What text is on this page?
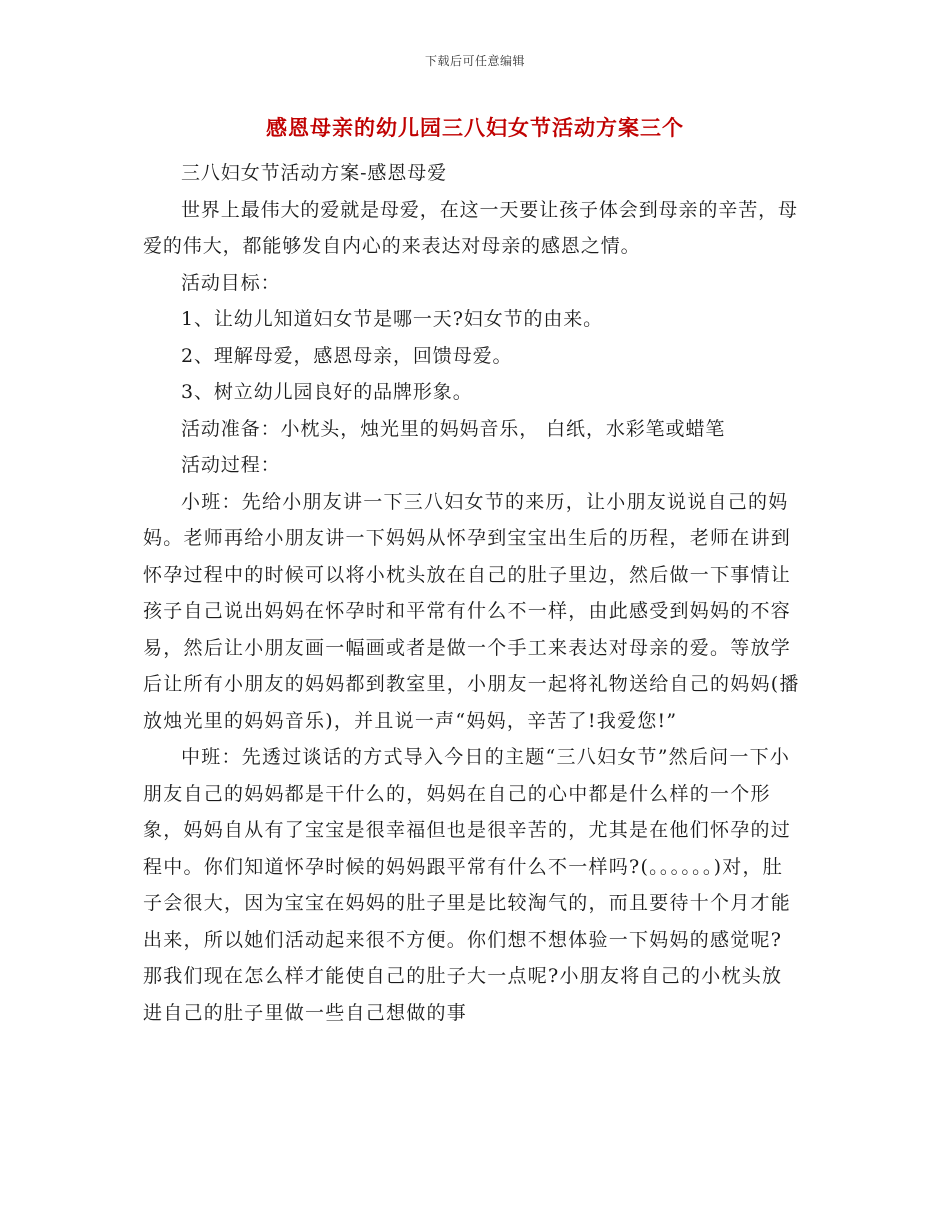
下载后可任意编辑
感恩母亲的幼儿园三八妇女节活动方案三个

三八妇女节活动方案-感恩母爱

世界上最伟大的爱就是母爱，在这一天要让孩子体会到母亲的辛苦，母爱的伟大，都能够发自内心的来表达对母亲的感恩之情。

活动目标：

1、让幼儿知道妇女节是哪一天?妇女节的由来。

2、理解母爱，感恩母亲，回馈母爱。

3、树立幼儿园良好的品牌形象。

活动准备：小枕头，烛光里的妈妈音乐， 白纸，水彩笔或蜡笔

活动过程：

小班：先给小朋友讲一下三八妇女节的来历，让小朋友说说自己的妈妈。老师再给小朋友讲一下妈妈从怀孕到宝宝出生后的历程，老师在讲到怀孕过程中的时候可以将小枕头放在自己的肚子里边，然后做一下事情让孩子自己说出妈妈在怀孕时和平常有什么不一样，由此感受到妈妈的不容易，然后让小朋友画一幅画或者是做一个手工来表达对母亲的爱。等放学后让所有小朋友的妈妈都到教室里，小朋友一起将礼物送给自己的妈妈(播放烛光里的妈妈音乐)，并且说一声“妈妈，辛苦了!我爱您!”

中班：先透过谈话的方式导入今日的主题“三八妇女节”然后问一下小朋友自己的妈妈都是干什么的，妈妈在自己的心中都是什么样的一个形象，妈妈自从有了宝宝是很幸福但也是很辛苦的，尤其是在他们怀孕的过程中。你们知道怀孕时候的妈妈跟平常有什么不一样吗?(。。。。。。)对，肚子会很大，因为宝宝在妈妈的肚子里是比较淘气的，而且要待十个月才能出来，所以她们活动起来很不方便。你们想不想体验一下妈妈的感觉呢?那我们现在怎么样才能使自己的肚子大一点呢?小朋友将自己的小枕头放进自己的肚子里做一些自己想做的事
